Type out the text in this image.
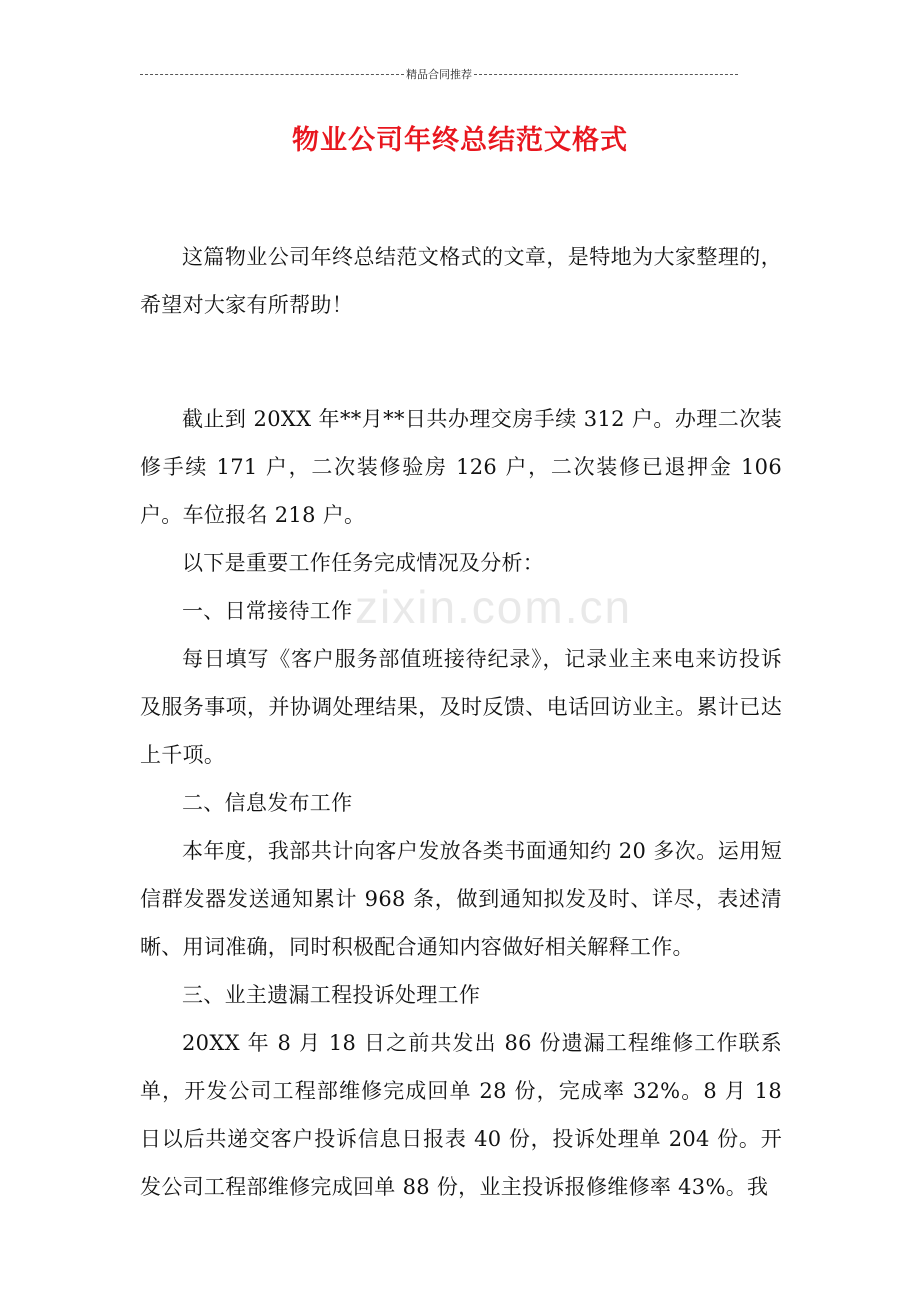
精品合同推荐
物业公司年终总结范文格式
zixin.com.cn

这篇物业公司年终总结范文格式的文章，是特地为大家整理的，希望对大家有所帮助！

截止到 20XX 年**月**日共办理交房手续 312 户。办理二次装修手续 171 户，二次装修验房 126 户，二次装修已退押金 106 户。车位报名 218 户。

以下是重要工作任务完成情况及分析：

一、日常接待工作

每日填写《客户服务部值班接待纪录》，记录业主来电来访投诉及服务事项，并协调处理结果，及时反馈、电话回访业主。累计已达上千项。

二、信息发布工作

本年度，我部共计向客户发放各类书面通知约 20 多次。运用短信群发器发送通知累计 968 条，做到通知拟发及时、详尽，表述清晰、用词准确，同时积极配合通知内容做好相关解释工作。

三、业主遗漏工程投诉处理工作

20XX 年 8 月 18 日之前共发出 86 份遗漏工程维修工作联系单，开发公司工程部维修完成回单 28 份，完成率 32%。8 月 18 日以后共递交客户投诉信息日报表 40 份，投诉处理单 204 份。开发公司工程部维修完成回单 88 份，业主投诉报修维修率 43%。我
